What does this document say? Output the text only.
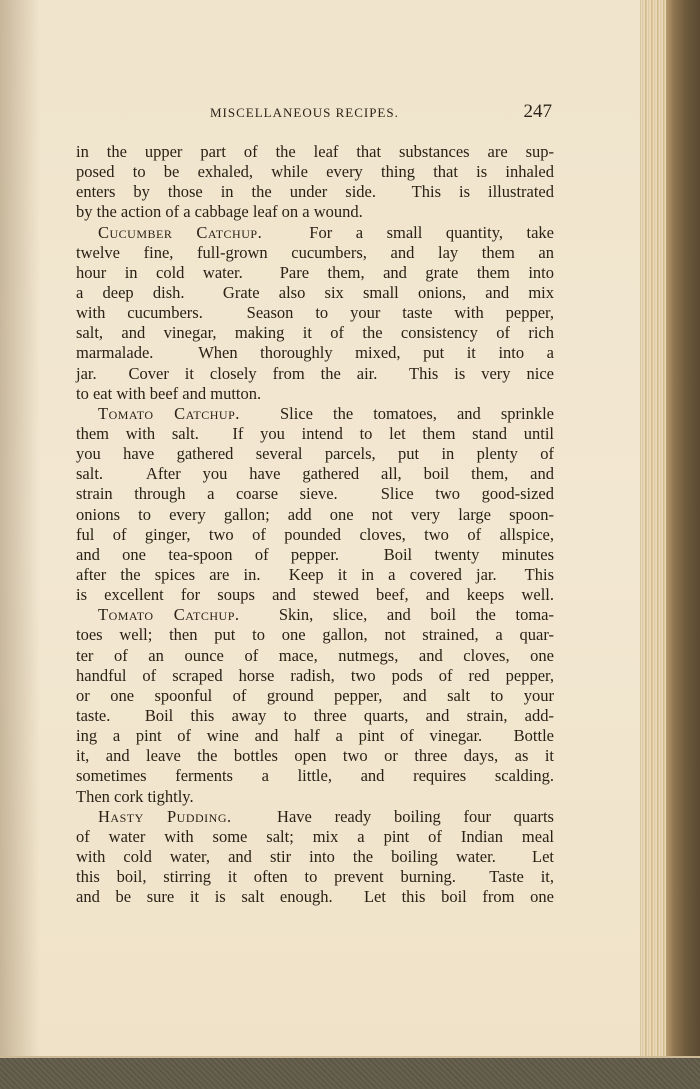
MISCELLANEOUS RECIPES.	247
in the upper part of the leaf that substances are sup-
posed to be exhaled, while every thing that is inhaled
enters by those in the under side.  This is illustrated
by the action of a cabbage leaf on a wound.
Cucumber Catchup.  For a small quantity, take
twelve fine, full-grown cucumbers, and lay them an
hour in cold water.  Pare them, and grate them into
a deep dish.  Grate also six small onions, and mix
with cucumbers.  Season to your taste with pepper,
salt, and vinegar, making it of the consistency of rich
marmalade.  When thoroughly mixed, put it into a
jar.  Cover it closely from the air.  This is very nice
to eat with beef and mutton.
Tomato Catchup.  Slice the tomatoes, and sprinkle
them with salt.  If you intend to let them stand until
you have gathered several parcels, put in plenty of
salt.  After you have gathered all, boil them, and
strain through a coarse sieve.  Slice two good-sized
onions to every gallon; add one not very large spoon-
ful of ginger, two of pounded cloves, two of allspice,
and one tea-spoon of pepper.  Boil twenty minutes
after the spices are in.  Keep it in a covered jar.  This
is excellent for soups and stewed beef, and keeps well.
Tomato Catchup.  Skin, slice, and boil the toma-
toes well; then put to one gallon, not strained, a quar-
ter of an ounce of mace, nutmegs, and cloves, one
handful of scraped horse radish, two pods of red pepper,
or one spoonful of ground pepper, and salt to your
taste.  Boil this away to three quarts, and strain, add-
ing a pint of wine and half a pint of vinegar.  Bottle
it, and leave the bottles open two or three days, as it
sometimes ferments a little, and requires scalding.
Then cork tightly.
Hasty Pudding.  Have ready boiling four quarts
of water with some salt; mix a pint of Indian meal
with cold water, and stir into the boiling water.  Let
this boil, stirring it often to prevent burning.  Taste it,
and be sure it is salt enough.  Let this boil from one
